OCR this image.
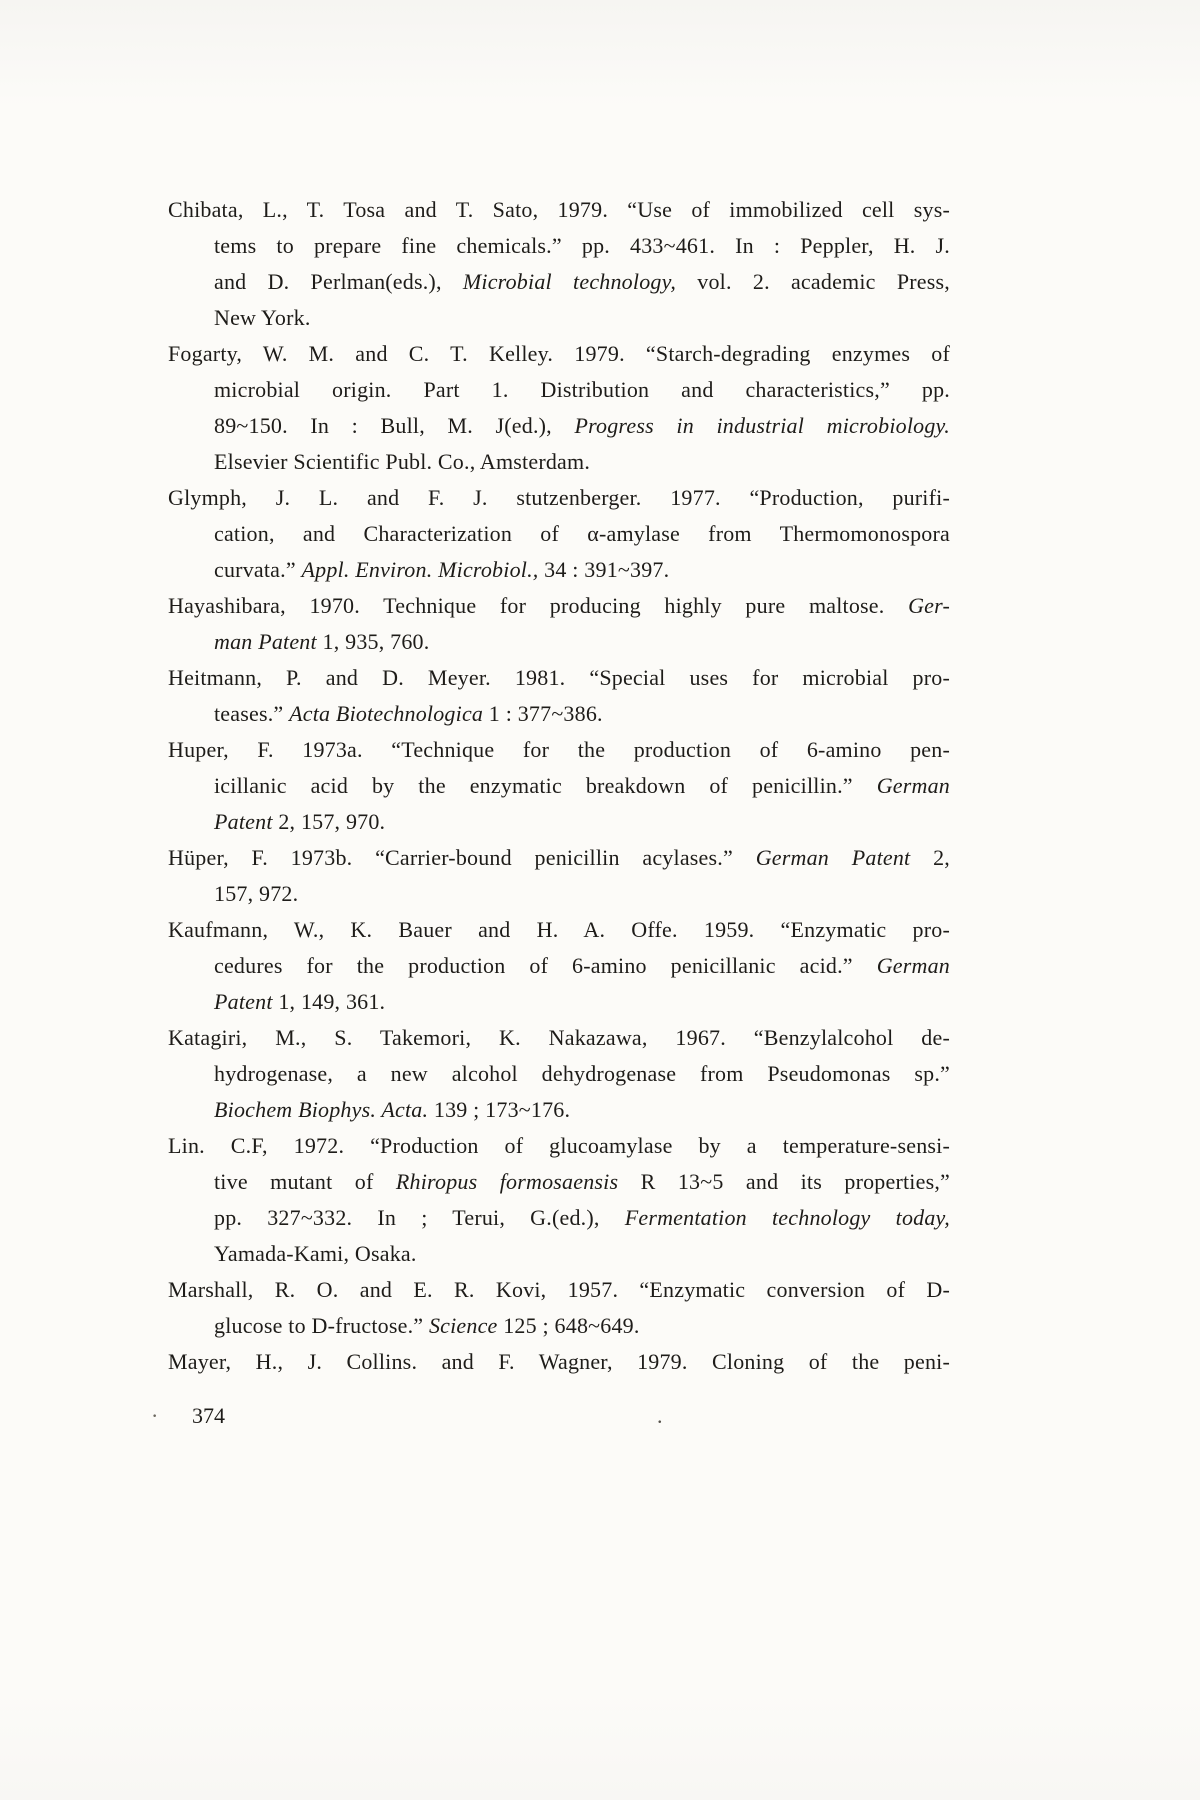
Chibata, L., T. Tosa and T. Sato, 1979. “Use of immobilized cell sys-
tems to prepare fine chemicals.” pp. 433~461. In : Peppler, H. J.
and D. Perlman(eds.), Microbial technology, vol. 2. academic Press,
New York.
Fogarty, W. M. and C. T. Kelley. 1979. “Starch-degrading enzymes of
microbial origin. Part 1. Distribution and characteristics,” pp.
89~150. In : Bull, M. J(ed.), Progress in industrial microbiology.
Elsevier Scientific Publ. Co., Amsterdam.
Glymph, J. L. and F. J. stutzenberger. 1977. “Production, purifi-
cation, and Characterization of α-amylase from Thermomonospora
curvata.” Appl. Environ. Microbiol., 34 : 391~397.
Hayashibara, 1970. Technique for producing highly pure maltose. Ger-
man Patent 1, 935, 760.
Heitmann, P. and D. Meyer. 1981. “Special uses for microbial pro-
teases.” Acta Biotechnologica 1 : 377~386.
Huper, F. 1973a. “Technique for the production of 6-amino pen-
icillanic acid by the enzymatic breakdown of penicillin.” German
Patent 2, 157, 970.
Hüper, F. 1973b. “Carrier-bound penicillin acylases.” German Patent 2,
157, 972.
Kaufmann, W., K. Bauer and H. A. Offe. 1959. “Enzymatic pro-
cedures for the production of 6-amino penicillanic acid.” German
Patent 1, 149, 361.
Katagiri, M., S. Takemori, K. Nakazawa, 1967. “Benzylalcohol de-
hydrogenase, a new alcohol dehydrogenase from Pseudomonas sp.”
Biochem Biophys. Acta. 139 ; 173~176.
Lin. C.F, 1972. “Production of glucoamylase by a temperature-sensi-
tive mutant of Rhiropus formosaensis R 13~5 and its properties,”
pp. 327~332. In ; Terui, G.(ed.), Fermentation technology today,
Yamada-Kami, Osaka.
Marshall, R. O. and E. R. Kovi, 1957. “Enzymatic conversion of D-
glucose to D-fructose.” Science 125 ; 648~649.
Mayer, H., J. Collins. and F. Wagner, 1979. Cloning of the peni-
· 374	.
